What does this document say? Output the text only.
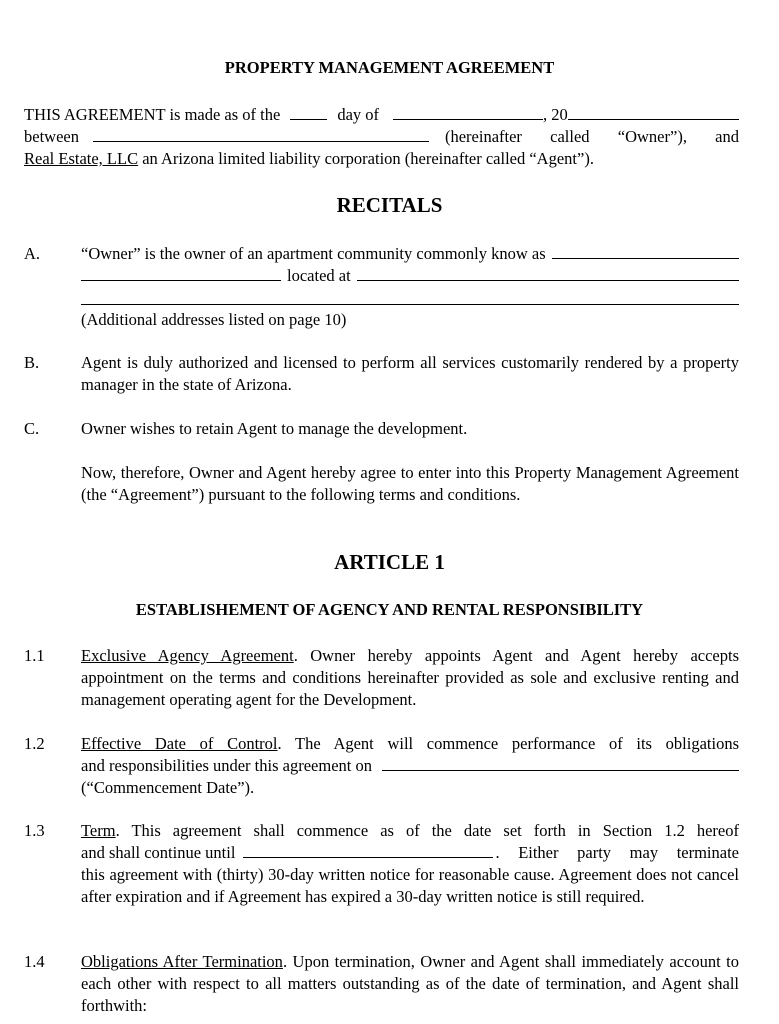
PROPERTY MANAGEMENT AGREEMENT
THIS AGREEMENT is made as of the	day of	, 20
between	(hereinafter called “Owner”), and
Real Estate, LLC an Arizona limited liability corporation (hereinafter called “Agent”).
RECITALS
A. “Owner” is the owner of an apartment community commonly know as
located at
(Additional addresses listed on page 10)
B.	Agent is duly authorized and licensed to perform all services customarily rendered by a property manager in the state of Arizona.
C.	Owner wishes to retain Agent to manage the development.
Now, therefore, Owner and Agent hereby agree to enter into this Property Management Agreement (the “Agreement”) pursuant to the following terms and conditions.
ARTICLE 1
ESTABLISHEMENT OF AGENCY AND RENTAL RESPONSIBILITY
1.1 Exclusive Agency Agreement. Owner hereby appoints Agent and Agent hereby accepts appointment on the terms and conditions hereinafter provided as sole and exclusive renting and management operating agent for the Development.
1.2 Effective Date of Control. The Agent will commence performance of its obligations
and responsibilities under this agreement on
(“Commencement Date”).
1.3 Term. This agreement shall commence as of the date set forth in Section 1.2 hereof
and shall continue until	. Either party may terminate
this agreement with (thirty) 30-day written notice for reasonable cause. Agreement does not cancel after expiration and if Agreement has expired a 30-day written notice is still required.
1.4 Obligations After Termination. Upon termination, Owner and Agent shall immediately account to each other with respect to all matters outstanding as of the date of termination, and Agent shall forthwith:
